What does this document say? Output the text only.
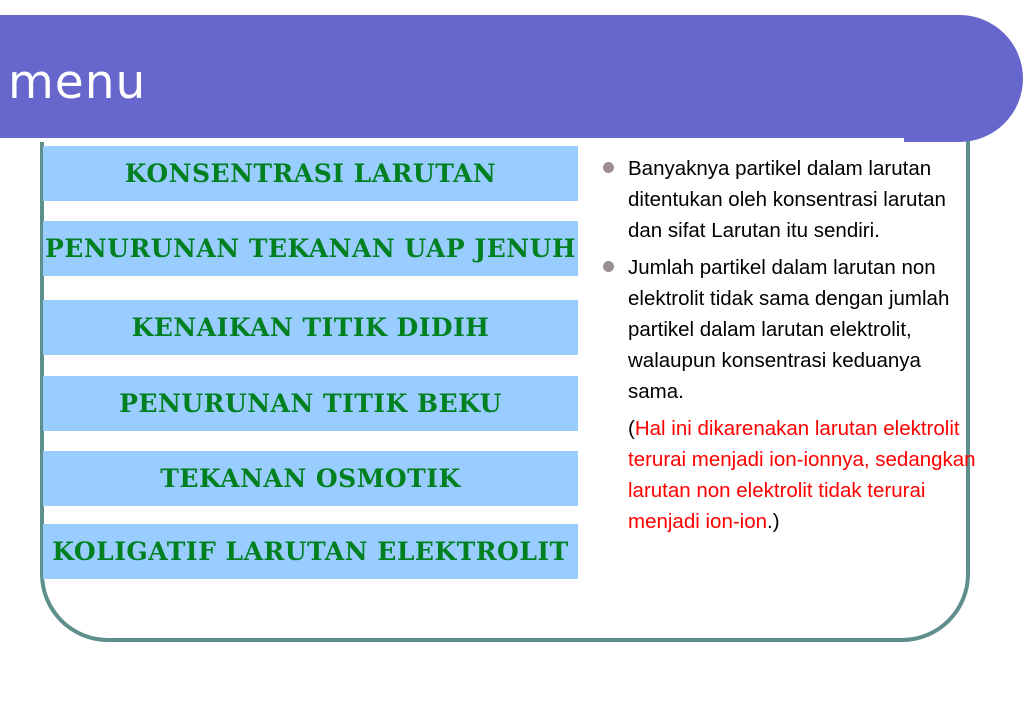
menu
KONSENTRASI LARUTAN
PENURUNAN TEKANAN UAP JENUH
KENAIKAN TITIK DIDIH
PENURUNAN TITIK BEKU
TEKANAN OSMOTIK
KOLIGATIF LARUTAN ELEKTROLIT
Banyaknya partikel dalam larutan ditentukan oleh konsentrasi larutan dan sifat Larutan itu sendiri.
Jumlah partikel dalam larutan non elektrolit tidak sama dengan jumlah partikel dalam larutan elektrolit, walaupun konsentrasi keduanya sama.
(Hal ini dikarenakan larutan elektrolit terurai menjadi ion-ionnya, sedangkan larutan non elektrolit tidak terurai menjadi ion-ion.)
